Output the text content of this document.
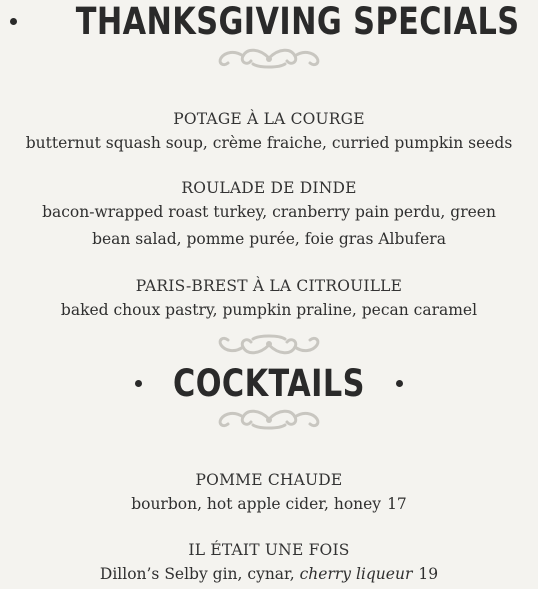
THANKSGIVING SPECIALS
POTAGE À LA COURGE
butternut squash soup, crème fraiche, curried pumpkin seeds
ROULADE DE DINDE
bacon-wrapped roast turkey, cranberry pain perdu, green bean salad, pomme purée, foie gras Albufera
PARIS-BREST À LA CITROUILLE
baked choux pastry, pumpkin praline, pecan caramel
COCKTAILS
POMME CHAUDE
bourbon, hot apple cider, honey 17
IL ÉTAIT UNE FOIS
Dillon’s Selby gin, cynar, cherry liqueur 19
